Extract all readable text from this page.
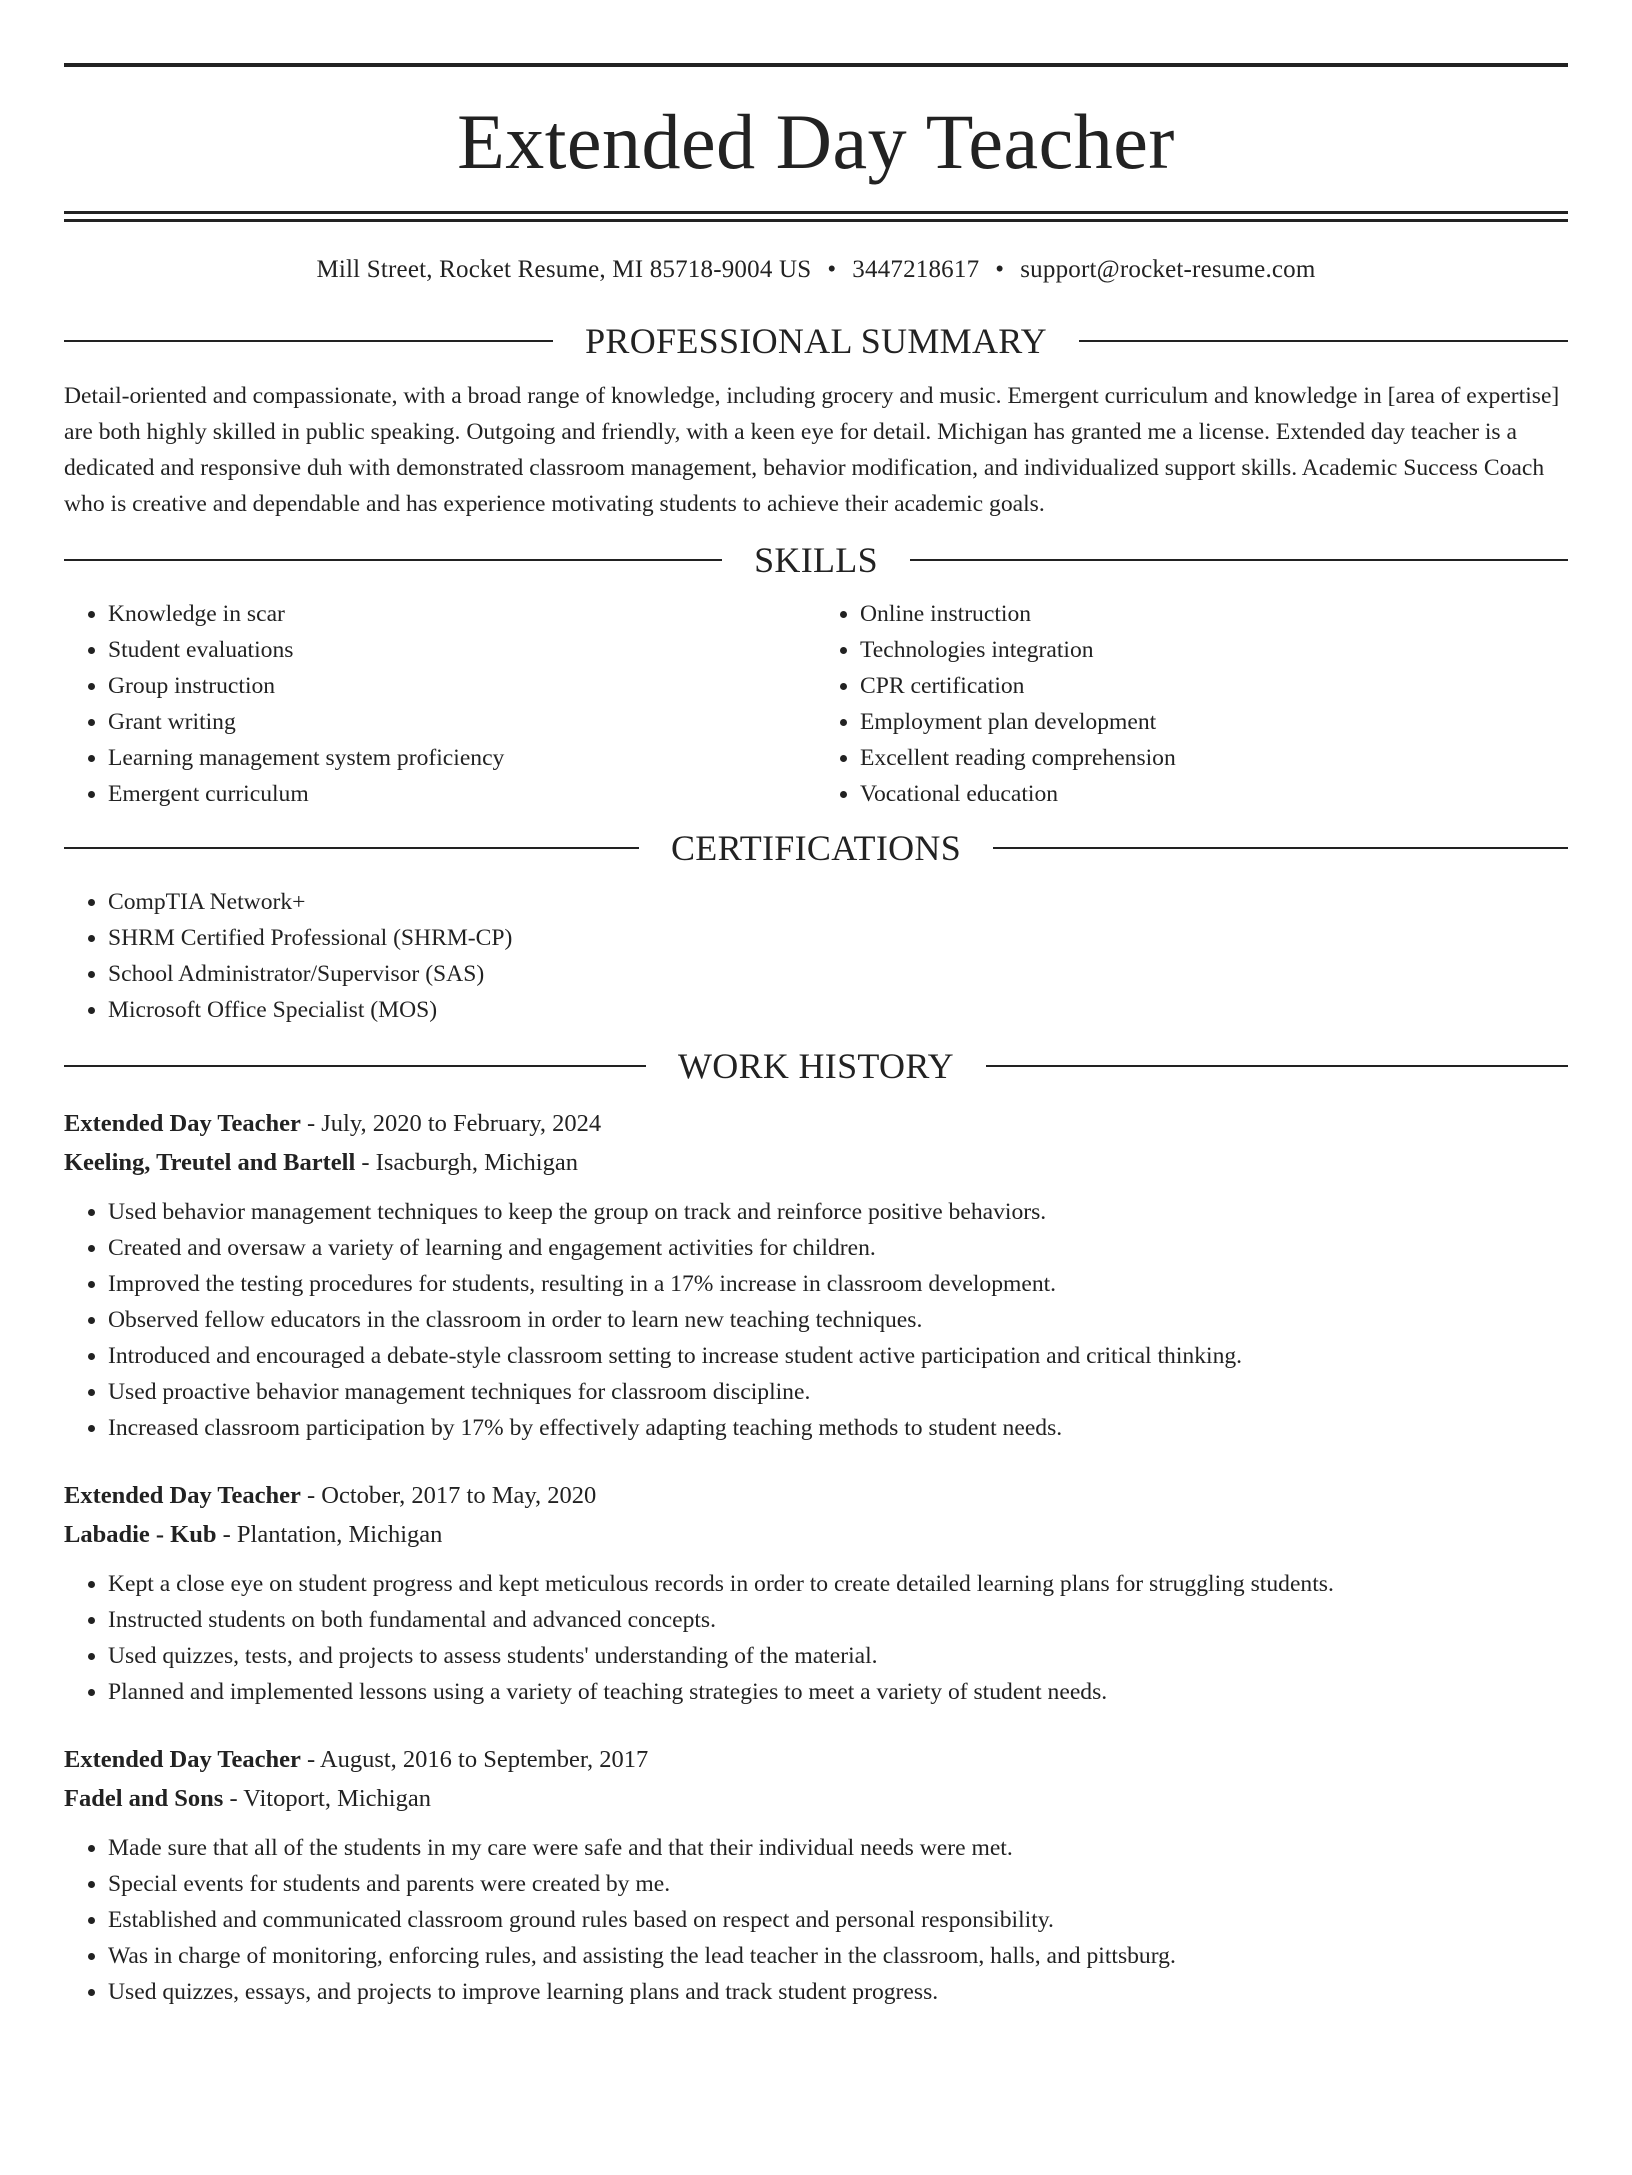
Extended Day Teacher
Mill Street, Rocket Resume, MI 85718-9004 US • 3447218617 • support@rocket-resume.com
PROFESSIONAL SUMMARY
Detail-oriented and compassionate, with a broad range of knowledge, including grocery and music. Emergent curriculum and knowledge in [area of expertise] are both highly skilled in public speaking. Outgoing and friendly, with a keen eye for detail. Michigan has granted me a license. Extended day teacher is a dedicated and responsive duh with demonstrated classroom management, behavior modification, and individualized support skills. Academic Success Coach who is creative and dependable and has experience motivating students to achieve their academic goals.
SKILLS
• Knowledge in scar
• Student evaluations
• Group instruction
• Grant writing
• Learning management system proficiency
• Emergent curriculum
• Online instruction
• Technologies integration
• CPR certification
• Employment plan development
• Excellent reading comprehension
• Vocational education
CERTIFICATIONS
• CompTIA Network+
• SHRM Certified Professional (SHRM-CP)
• School Administrator/Supervisor (SAS)
• Microsoft Office Specialist (MOS)
WORK HISTORY
Extended Day Teacher - July, 2020 to February, 2024
Keeling, Treutel and Bartell - Isacburgh, Michigan
• Used behavior management techniques to keep the group on track and reinforce positive behaviors.
• Created and oversaw a variety of learning and engagement activities for children.
• Improved the testing procedures for students, resulting in a 17% increase in classroom development.
• Observed fellow educators in the classroom in order to learn new teaching techniques.
• Introduced and encouraged a debate-style classroom setting to increase student active participation and critical thinking.
• Used proactive behavior management techniques for classroom discipline.
• Increased classroom participation by 17% by effectively adapting teaching methods to student needs.
Extended Day Teacher - October, 2017 to May, 2020
Labadie - Kub - Plantation, Michigan
• Kept a close eye on student progress and kept meticulous records in order to create detailed learning plans for struggling students.
• Instructed students on both fundamental and advanced concepts.
• Used quizzes, tests, and projects to assess students' understanding of the material.
• Planned and implemented lessons using a variety of teaching strategies to meet a variety of student needs.
Extended Day Teacher - August, 2016 to September, 2017
Fadel and Sons - Vitoport, Michigan
• Made sure that all of the students in my care were safe and that their individual needs were met.
• Special events for students and parents were created by me.
• Established and communicated classroom ground rules based on respect and personal responsibility.
• Was in charge of monitoring, enforcing rules, and assisting the lead teacher in the classroom, halls, and pittsburg.
• Used quizzes, essays, and projects to improve learning plans and track student progress.
